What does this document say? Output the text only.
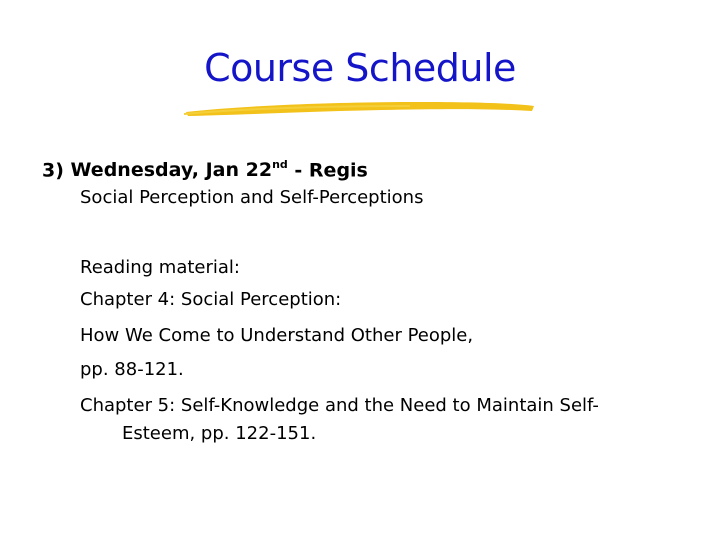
Course Schedule
3) Wednesday, Jan 22nd - Regis
Social Perception and Self-Perceptions
Reading material:
Chapter 4: Social Perception:
How We Come to Understand Other People,
pp. 88-121.
Chapter 5: Self-Knowledge and the Need to Maintain Self-
Esteem, pp. 122-151.
